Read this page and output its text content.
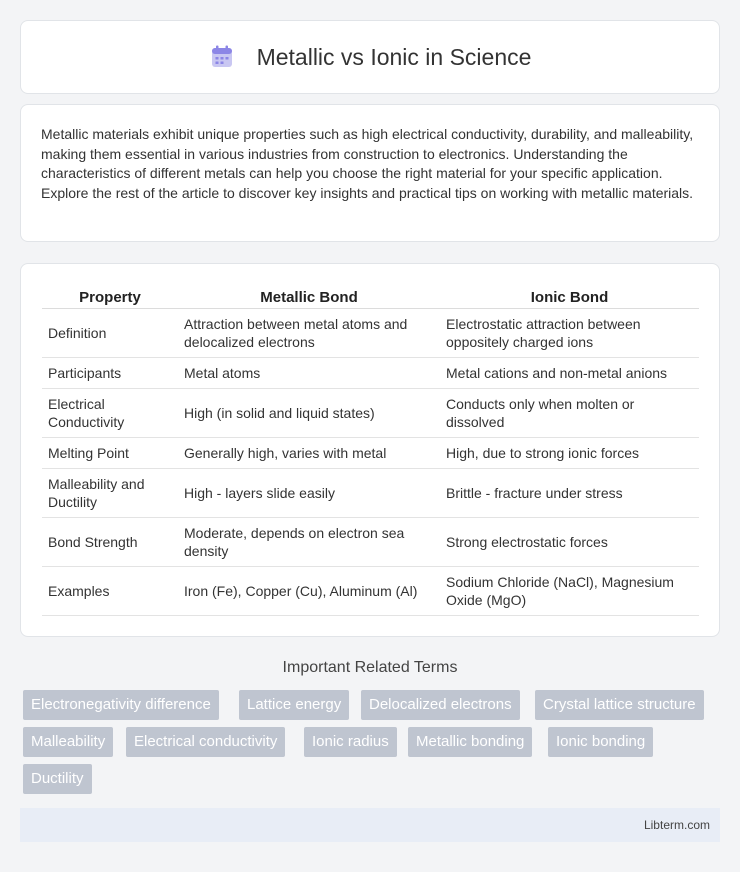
Metallic vs Ionic in Science

Metallic materials exhibit unique properties such as high electrical conductivity, durability, and malleability, making them essential in various industries from construction to electronics. Understanding the characteristics of different metals can help you choose the right material for your specific application. Explore the rest of the article to discover key insights and practical tips on working with metallic materials.

Property	Metallic Bond	Ionic Bond
Definition	Attraction between metal atoms and delocalized electrons	Electrostatic attraction between oppositely charged ions
Participants	Metal atoms	Metal cations and non-metal anions
Electrical Conductivity	High (in solid and liquid states)	Conducts only when molten or dissolved
Melting Point	Generally high, varies with metal	High, due to strong ionic forces
Malleability and Ductility	High - layers slide easily	Brittle - fracture under stress
Bond Strength	Moderate, depends on electron sea density	Strong electrostatic forces
Examples	Iron (Fe), Copper (Cu), Aluminum (Al)	Sodium Chloride (NaCl), Magnesium Oxide (MgO)
Important Related Terms
Electronegativity difference	Lattice energy	Delocalized electrons	Crystal lattice structure
Malleability	Electrical conductivity	Ionic radius	Metallic bonding	Ionic bonding
Ductility
Libterm.com
